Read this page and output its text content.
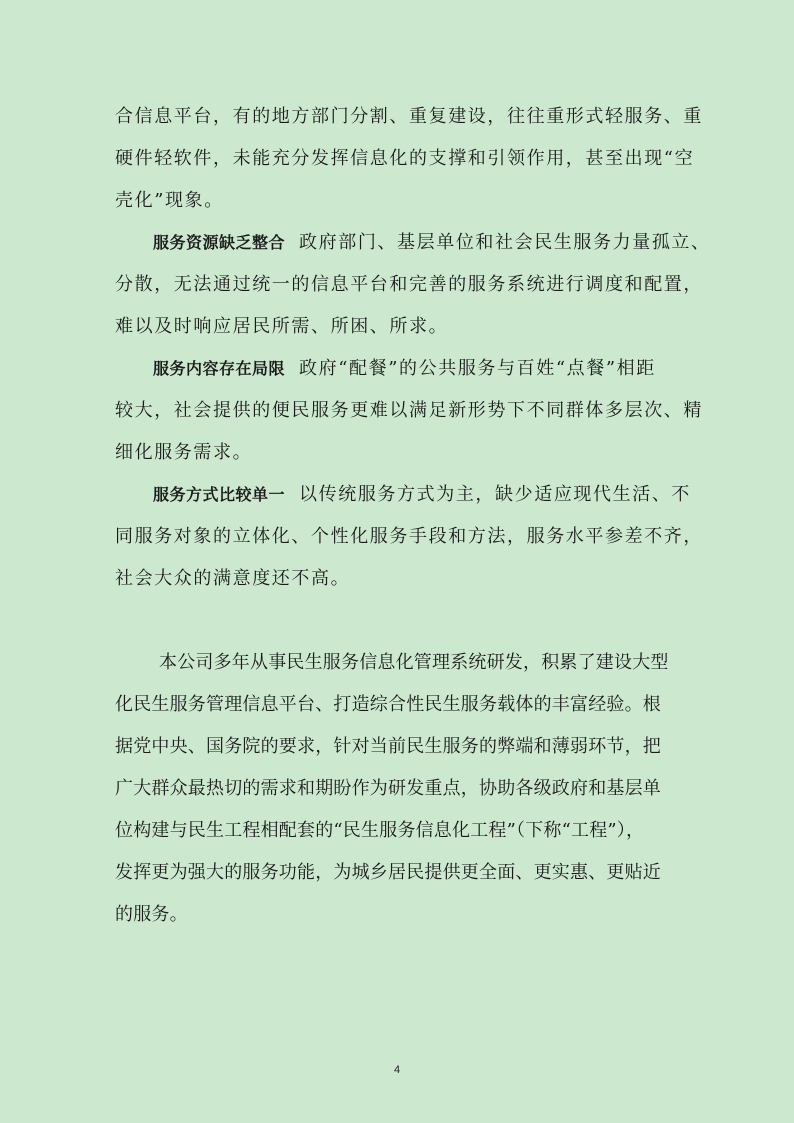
合信息平台，有的地方部门分割、重复建设，往往重形式轻服务、重
硬件轻软件，未能充分发挥信息化的支撑和引领作用，甚至出现“空
壳化”现象。
服务资源缺乏整合 政府部门、基层单位和社会民生服务力量孤立、
分散，无法通过统一的信息平台和完善的服务系统进行调度和配置，
难以及时响应居民所需、所困、所求。
服务内容存在局限 政府“配餐”的公共服务与百姓“点餐”相距
较大，社会提供的便民服务更难以满足新形势下不同群体多层次、精
细化服务需求。
服务方式比较单一 以传统服务方式为主，缺少适应现代生活、不
同服务对象的立体化、个性化服务手段和方法，服务水平参差不齐，
社会大众的满意度还不高。
本公司多年从事民生服务信息化管理系统研发，积累了建设大型
化民生服务管理信息平台、打造综合性民生服务载体的丰富经验。根
据党中央、国务院的要求，针对当前民生服务的弊端和薄弱环节，把
广大群众最热切的需求和期盼作为研发重点，协助各级政府和基层单
位构建与民生工程相配套的“民生服务信息化工程”（下称“工程”），
发挥更为强大的服务功能，为城乡居民提供更全面、更实惠、更贴近
的服务。
4
